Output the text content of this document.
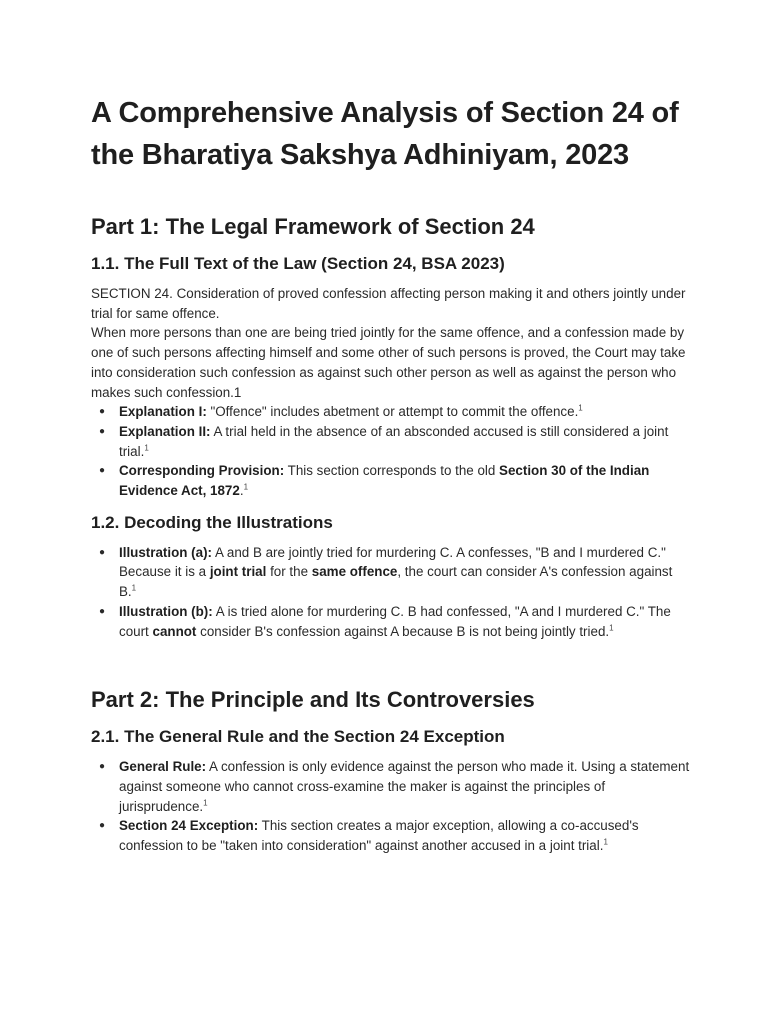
A Comprehensive Analysis of Section 24 of the Bharatiya Sakshya Adhiniyam, 2023
Part 1: The Legal Framework of Section 24
1.1. The Full Text of the Law (Section 24, BSA 2023)

SECTION 24. Consideration of proved confession affecting person making it and others jointly under trial for same offence.

When more persons than one are being tried jointly for the same offence, and a confession made by one of such persons affecting himself and some other of such persons is proved, the Court may take into consideration such confession as against such other person as well as against the person who makes such confession.1

● Explanation I: "Offence" includes abetment or attempt to commit the offence.$^1$
● Explanation II: A trial held in the absence of an absconded accused is still considered a joint trial.$^1$
● Corresponding Provision: This section corresponds to the old Section 30 of the Indian Evidence Act, 1872.$^1$
1.2. Decoding the Illustrations
● Illustration (a): A and B are jointly tried for murdering C. A confesses, "B and I murdered C." Because it is a joint trial for the same offence, the court can consider A's confession against B.$^1$
● Illustration (b): A is tried alone for murdering C. B had confessed, "A and I murdered C." The court cannot consider B's confession against A because B is not being jointly tried.$^1$
Part 2: The Principle and Its Controversies
2.1. The General Rule and the Section 24 Exception
● General Rule: A confession is only evidence against the person who made it. Using a statement against someone who cannot cross-examine the maker is against the principles of jurisprudence.$^1$
● Section 24 Exception: This section creates a major exception, allowing a co-accused's confession to be "taken into consideration" against another accused in a joint trial.$^1$
